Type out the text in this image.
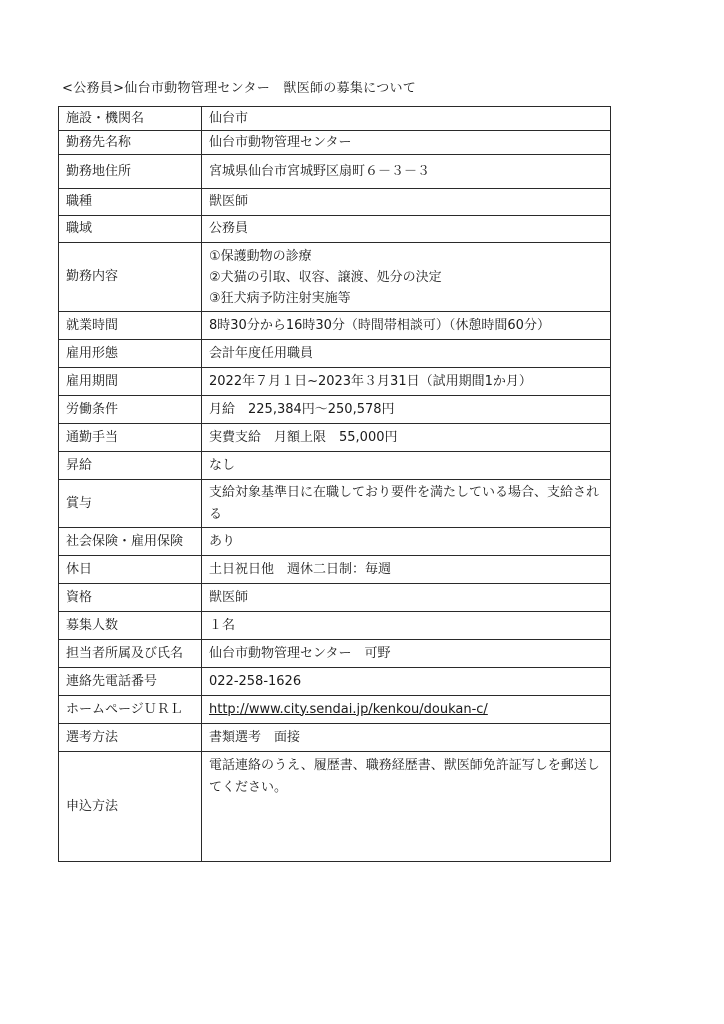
<公務員>仙台市動物管理センター　獣医師の募集について
施設・機関名	仙台市
勤務先名称	仙台市動物管理センター
勤務地住所	宮城県仙台市宮城野区扇町６－３－３
職種	獣医師
職域	公務員
勤務内容	①保護動物の診療
②犬猫の引取、収容、譲渡、処分の決定
③狂犬病予防注射実施等

就業時間	8時30分から16時30分（時間帯相談可）（休憩時間60分）
雇用形態	会計年度任用職員
雇用期間	2022年７月１日~2023年３月31日（試用期間1か月）
労働条件	月給　225,384円～250,578円
通勤手当	実費支給　月額上限　55,000円
昇給	なし
賞与	支給対象基準日に在職しており要件を満たしている場合、支給される
社会保険・雇用保険	あり
休日	土日祝日他　週休二日制：毎週
資格	獣医師
募集人数	１名
担当者所属及び氏名	仙台市動物管理センター　可野
連絡先電話番号	022-258-1626
ホームページＵＲＬ	http://www.city.sendai.jp/kenkou/doukan-c/
選考方法	書類選考　面接
申込方法	電話連絡のうえ、履歴書、職務経歴書、獣医師免許証写しを郵送してください。
